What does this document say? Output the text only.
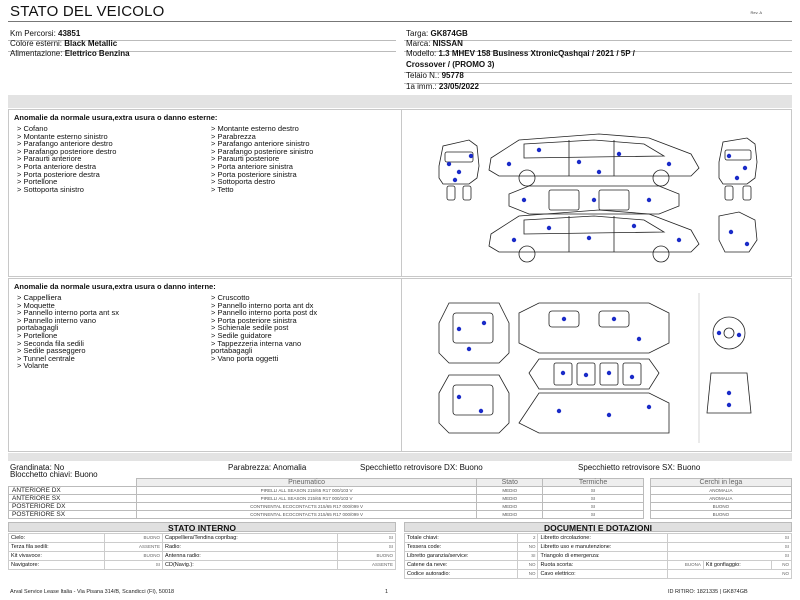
STATO DEL VEICOLO	Rev. A
Km Percorsi: 43851
Colore esterni: Black Metallic
Alimentazione: Elettrico Benzina
Targa: GK874GB
Marca: NISSAN
Modello: 1.3 MHEV 158 Business XtronicQashqai / 2021 / 5P /
Crossover / (PROMO 3)
Telaio N.: 95778
1a imm.: 23/05/2022
Anomalie da normale usura,extra usura o danno esterne:
> Cofano
> Montante esterno sinistro
> Parafango anteriore destro
> Parafango posteriore destro
> Paraurti anteriore
> Porta anteriore destra
> Porta posteriore destra
> Portellone
> Sottoporta sinistro
> Montante esterno destro
> Parabrezza
> Parafango anteriore sinistro
> Parafango posteriore sinistro
> Paraurti posteriore
> Porta anteriore sinistra
> Porta posteriore sinistra
> Sottoporta destro
> Tetto
Anomalie da normale usura,extra usura o danno interne:
> Cappelliera
> Moquette
> Pannello interno porta ant sx
> Pannello interno vano
portabagagli
> Portellone
> Seconda fila sedili
> Sedile passeggero
> Tunnel centrale
> Volante
> Cruscotto
> Pannello interno porta ant dx
> Pannello interno porta post dx
> Porta posteriore sinistra
> Schienale sedile post
> Sedile guidatore
> Tappezzeria interna vano
portabagagli
> Vano porta oggetti
Grandinata: No
Blocchetto chiavi: Buono
Parabrezza: Anomalia	Specchietto retrovisore DX: Buono	Specchietto retrovisore SX: Buono
	Pneumatico	Stato	Termiche		Cerchi in lega
ANTERIORE DX	PIRELLI ALL SEASON 215/65 R17 000/103 V	MEDIO	SI		ANOMALIA
ANTERIORE SX	PIRELLI ALL SEASON 215/65 R17 000/103 V	MEDIO	SI		ANOMALIA
POSTERIORE DX	CONTINENTAL ECOCONTACTS 215/65 R17 000/099 V	MEDIO	SI		BUONO
POSTERIORE SX	CONTINENTAL ECOCONTACTS 215/65 R17 000/099 V	MEDIO	SI		BUONO
STATO INTERNO
Cielo:	BUONO	Cappelliera/Tendina copribag:	SI
Terza fila sedili:	ASSENTE	Radio:	SI
Kit vivavoce:	BUONO	Antenna radio:	BUONO
Navigatore:	SI	CD(Navig.):	ASSENTE
DOCUMENTI E DOTAZIONI
Totale chiavi:	2	Libretto circolazione:	SI		
Tessera code:	NO	Libretto uso e manutenzione:	SI		
Libretto garanzia/service:	SI	Triangolo di emergenza:	SI		
Catene da neve:	NO	Ruota scorta:	BUONA	Kit gonfiaggio:	NO
Codice autoradio:	NO	Cavo elettrico:	NO		
Arval Service Lease Italia - Via Pisana 314/B, Scandicci (FI), 50018	1	ID RITIRO: 1821335 | GK874GB
